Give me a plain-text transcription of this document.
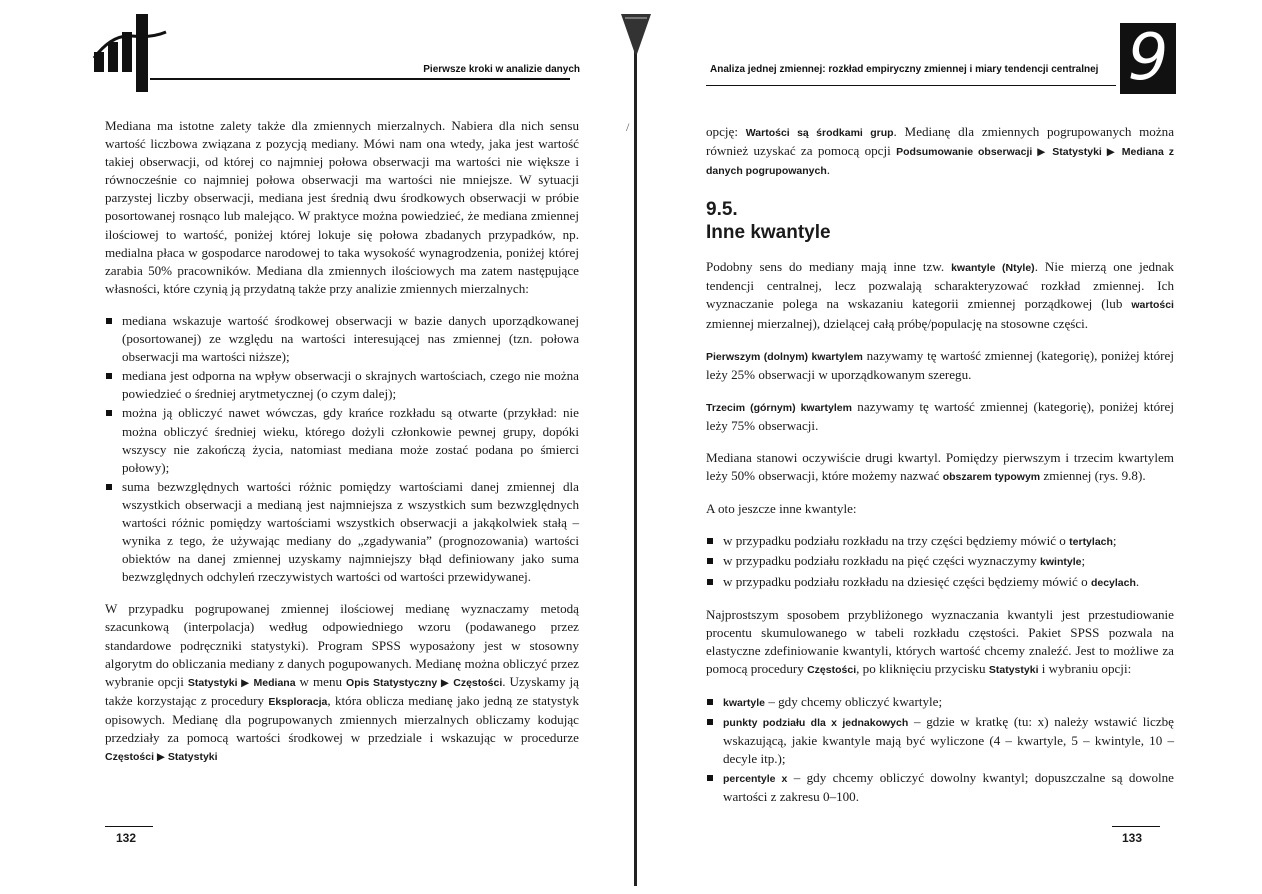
Pierwsze kroki w analizie danych

Mediana ma istotne zalety także dla zmiennych mierzalnych. Nabiera dla nich sensu wartość liczbowa związana z pozycją mediany. Mówi nam ona wtedy, jaka jest wartość takiej obserwacji, od której co najmniej połowa obserwacji ma wartości nie większe i równocześnie co najmniej połowa obserwacji ma wartości nie mniejsze. W sytuacji parzystej liczby obserwacji, mediana jest średnią dwu środkowych obserwacji w próbie posortowanej rosnąco lub malejąco. W praktyce można powiedzieć, że mediana zmiennej ilościowej to wartość, poniżej której lokuje się połowa zbadanych przypadków, np. medialna płaca w gospodarce narodowej to taka wysokość wynagrodzenia, poniżej której zarabia 50% pracowników. Mediana dla zmiennych ilościowych ma zatem następujące własności, które czynią ją przydatną także przy analizie zmiennych mierzalnych:

mediana wskazuje wartość środkowej obserwacji w bazie danych uporządkowanej (posortowanej) ze względu na wartości interesującej nas zmiennej (tzn. połowa obserwacji ma wartości niższe);
mediana jest odporna na wpływ obserwacji o skrajnych wartościach, czego nie można powiedzieć o średniej arytmetycznej (o czym dalej);
można ją obliczyć nawet wówczas, gdy krańce rozkładu są otwarte (przykład: nie można obliczyć średniej wieku, którego dożyli członkowie pewnej grupy, dopóki wszyscy nie zakończą życia, natomiast mediana może zostać podana po śmierci połowy);
suma bezwzględnych wartości różnic pomiędzy wartościami danej zmiennej dla wszystkich obserwacji a medianą jest najmniejsza z wszystkich sum bezwzględnych wartości różnic pomiędzy wartościami wszystkich obserwacji a jakąkolwiek stałą – wynika z tego, że używając mediany do „zgadywania” (prognozowania) wartości obiektów na danej zmiennej uzyskamy najmniejszy błąd definiowany jako suma bezwzględnych odchyleń rzeczywistych wartości od wartości przewidywanej.

W przypadku pogrupowanej zmiennej ilościowej medianę wyznaczamy metodą szacunkową (interpolacja) według odpowiedniego wzoru (podawanego przez standardowe podręczniki statystyki). Program SPSS wyposażony jest w stosowny algorytm do obliczania mediany z danych pogupowanych. Medianę można obliczyć przez wybranie opcji Statystyki ▶ Mediana w menu Opis Statystyczny ▶ Częstości. Uzyskamy ją także korzystając z procedury Eksploracja, która oblicza medianę jako jedną ze statystyk opisowych. Medianę dla pogrupowanych zmiennych mierzalnych obliczamy kodując przedziały za pomocą wartości środkowej w przedziale i wskazując w procedurze Częstości ▶ Statystyki

132
/
Analiza jednej zmiennej: rozkład empiryczny zmiennej i miary tendencji centralnej 9

opcję: Wartości są środkami grup. Medianę dla zmiennych pogrupowanych można również uzyskać za pomocą opcji Podsumowanie obserwacji ▶ Statystyki ▶ Mediana z danych pogrupowanych.

9.5.
Inne kwantyle

Podobny sens do mediany mają inne tzw. kwantyle (Ntyle). Nie mierzą one jednak tendencji centralnej, lecz pozwalają scharakteryzować rozkład zmiennej. Ich wyznaczanie polega na wskazaniu kategorii zmiennej porządkowej (lub wartości zmiennej mierzalnej), dzielącej całą próbę/populację na stosowne części.

Pierwszym (dolnym) kwartylem nazywamy tę wartość zmiennej (kategorię), poniżej której leży 25% obserwacji w uporządkowanym szeregu.

Trzecim (górnym) kwartylem nazywamy tę wartość zmiennej (kategorię), poniżej której leży 75% obserwacji.

Mediana stanowi oczywiście drugi kwartyl. Pomiędzy pierwszym i trzecim kwartylem leży 50% obserwacji, które możemy nazwać obszarem typowym zmiennej (rys. 9.8).

A oto jeszcze inne kwantyle:

w przypadku podziału rozkładu na trzy części będziemy mówić o tertylach;
w przypadku podziału rozkładu na pięć części wyznaczymy kwintyle;
w przypadku podziału rozkładu na dziesięć części będziemy mówić o decylach.

Najprostszym sposobem przybliżonego wyznaczania kwantyli jest przestudiowanie procentu skumulowanego w tabeli rozkładu częstości. Pakiet SPSS pozwala na elastyczne zdefiniowanie kwantyli, których wartość chcemy znaleźć. Jest to możliwe za pomocą procedury Częstości, po kliknięciu przycisku Statystyki i wybraniu opcji:

kwartyle – gdy chcemy obliczyć kwartyle;
punkty podziału dla x jednakowych – gdzie w kratkę (tu: x) należy wstawić liczbę wskazującą, jakie kwantyle mają być wyliczone (4 – kwartyle, 5 – kwintyle, 10 – decyle itp.);
percentyle x – gdy chcemy obliczyć dowolny kwantyl; dopuszczalne są dowolne wartości z zakresu 0–100.
133
